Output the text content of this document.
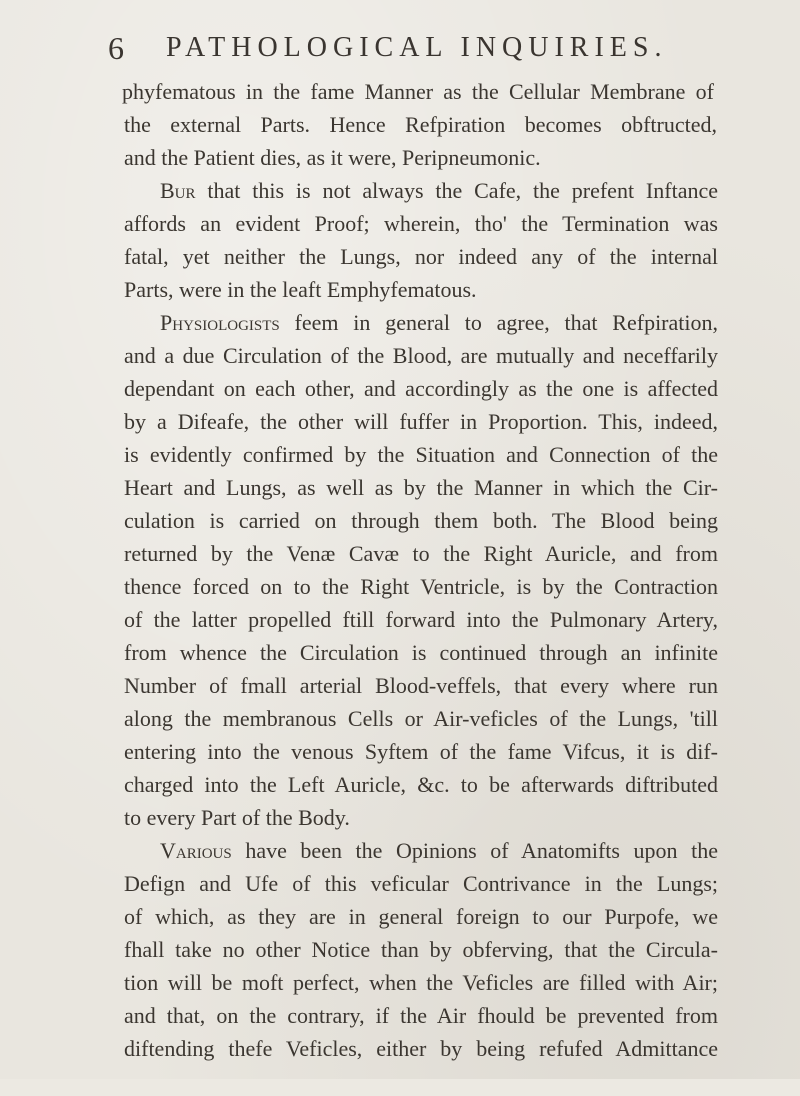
6 PATHOLOGICAL INQUIRIES.
phyfematous in the fame Manner as the Cellular Membrane of
the external Parts. Hence Refpiration becomes obftructed,
and the Patient dies, as it were, Peripneumonic.
Bur that this is not always the Cafe, the prefent Inftance
affords an evident Proof; wherein, tho' the Termination was
fatal, yet neither the Lungs, nor indeed any of the internal
Parts, were in the leaft Emphyfematous.
Physiologists feem in general to agree, that Refpiration,
and a due Circulation of the Blood, are mutually and neceffarily
dependant on each other, and accordingly as the one is affected
by a Difeafe, the other will fuffer in Proportion. This, indeed,
is evidently confirmed by the Situation and Connection of the
Heart and Lungs, as well as by the Manner in which the Cir-
culation is carried on through them both. The Blood being
returned by the Venæ Cavæ to the Right Auricle, and from
thence forced on to the Right Ventricle, is by the Contraction
of the latter propelled ftill forward into the Pulmonary Artery,
from whence the Circulation is continued through an infinite
Number of fmall arterial Blood-veffels, that every where run
along the membranous Cells or Air-veficles of the Lungs, 'till
entering into the venous Syftem of the fame Vifcus, it is dif-
charged into the Left Auricle, &c. to be afterwards diftributed
to every Part of the Body.
Various have been the Opinions of Anatomifts upon the
Defign and Ufe of this veficular Contrivance in the Lungs;
of which, as they are in general foreign to our Purpofe, we
fhall take no other Notice than by obferving, that the Circula-
tion will be moft perfect, when the Veficles are filled with Air;
and that, on the contrary, if the Air fhould be prevented from
diftending thefe Veficles, either by being refufed Admittance
